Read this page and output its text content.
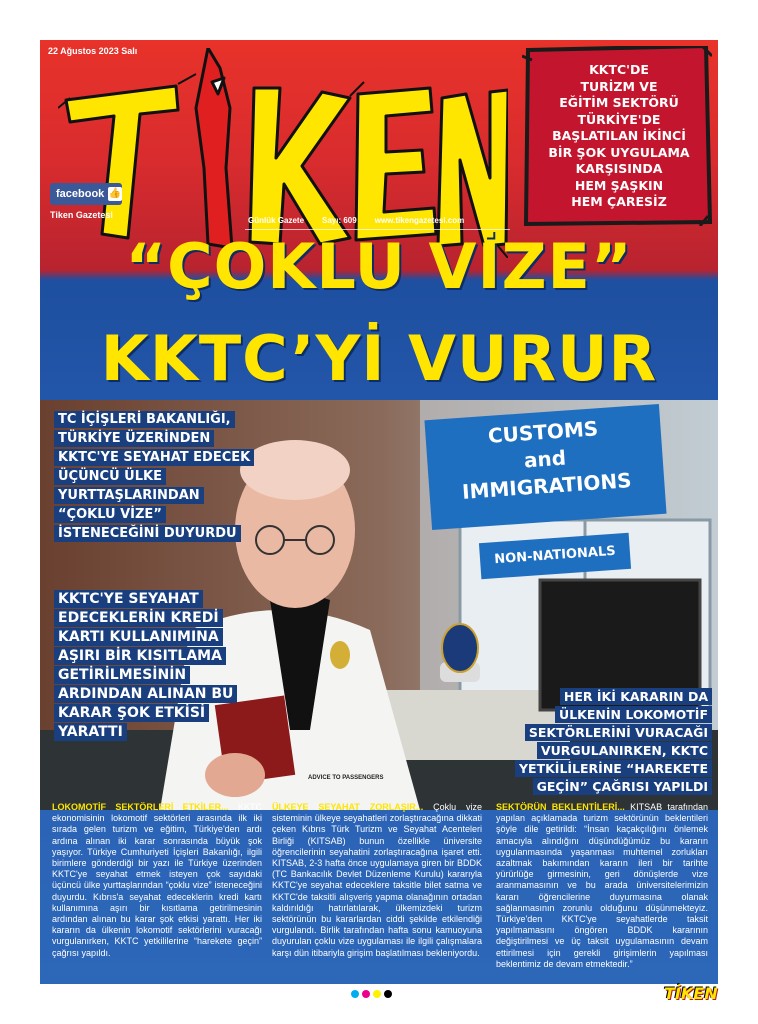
22 Ağustos 2023 Salı
facebook 👍
Tiken Gazetesi
Günlük Gazete Sayı: 609 www.tikengazetesi.com
KKTC'DE
TURİZM VE
EĞİTİM SEKTÖRÜ
TÜRKİYE'DE
BAŞLATILAN İKİNCİ
BİR ŞOK UYGULAMA
KARŞISINDA
HEM ŞAŞKIN
HEM ÇARESİZ
“ÇOKLU VİZE”
KKTC’Yİ VURUR
CUSTOMS
and
IMMIGRATIONS
NON-NATIONALS
ADVICE TO PASSENGERS
TC İÇİŞLERİ BAKANLIĞI, TÜRKİYE ÜZERİNDEN KKTC'YE SEYAHAT EDECEK ÜÇÜNCÜ ÜLKE YURTTAŞLARINDAN “ÇOKLU VİZE” İSTENECEĞİNİ DUYURDU
KKTC'YE SEYAHAT EDECEKLERİN KREDİ KARTI KULLANIMINA AŞIRI BİR KISITLAMA GETİRİLMESİNİN ARDINDAN ALINAN BU KARAR ŞOK ETKİSİ YARATTI
HER İKİ KARARIN DA ÜLKENİN LOKOMOTİF SEKTÖRLERİNİ VURACAĞI VURGULANIRKEN, KKTC YETKİLİLERİNE “HAREKETE GEÇİN” ÇAĞRISI YAPILDI
LOKOMOTİF SEKTÖRLERİ ETKİLER... KKTC ekonomisinin lokomotif sektörleri arasında ilk iki sırada gelen turizm ve eğitim, Türkiye'den ardı ardına alınan iki karar sonrasında büyük şok yaşıyor. Türkiye Cumhuriyeti İçişleri Bakanlığı, ilgili birimlere gönderdiği bir yazı ile Türkiye üzerinden KKTC'ye seyahat etmek isteyen çok sayıdaki üçüncü ülke yurttaşlarından “çoklu vize” isteneceğini duyurdu. Kıbrıs'a seyahat edeceklerin kredi kartı kullanımına aşırı bir kısıtlama getirilmesinin ardından alınan bu karar şok etkisi yarattı. Her iki kararın da ülkenin lokomotif sektörlerini vuracağı vurgulanırken, KKTC yetkililerine “harekete geçin” çağrısı yapıldı.
ÜLKEYE SEYAHAT ZORLAŞIR... Çoklu vize sisteminin ülkeye seyahatleri zorlaştıracağına dikkati çeken Kıbrıs Türk Turizm ve Seyahat Acenteleri Birliği (KITSAB) bunun özellikle üniversite öğrencilerinin seyahatini zorlaştıracağına işaret etti. KITSAB, 2-3 hafta önce uygulamaya giren bir BDDK (TC Bankacılık Devlet Düzenleme Kurulu) kararıyla KKTC'ye seyahat edeceklere taksitle bilet satma ve KKTC'de taksitli alışveriş yapma olanağının ortadan kaldırıldığı hatırlatılarak, ülkemizdeki turizm sektörünün bu kararlardan ciddi şekilde etkilendiği vurgulandı. Birlik tarafından hafta sonu kamuoyuna duyurulan çoklu vize uygulaması ile ilgili çalışmalara karşı dün itibariyla girişim başlatılması bekleniyordu.
SEKTÖRÜN BEKLENTİLERİ... KITSAB tarafından yapılan açıklamada turizm sektörünün beklentileri şöyle dile getirildi: “İnsan kaçakçılığını önlemek amacıyla alındığını düşündüğümüz bu kararın uygulanmasında yaşanması muhtemel zorlukları azaltmak bakımından kararın ileri bir tarihte yürürlüğe girmesinin, geri dönüşlerde vize aranmamasının ve bu arada üniversitelerimizin kararı öğrencilerine duyurmasına olanak sağlanmasının zorunlu olduğunu düşünmekteyiz. Türkiye'den KKTC'ye seyahatlerde taksit yapılmamasını öngören BDDK kararının değiştirilmesi ve üç taksit uygulamasının devam ettirilmesi için gerekli girişimlerin yapılması beklentimiz de devam etmektedir.”
TİKEN
